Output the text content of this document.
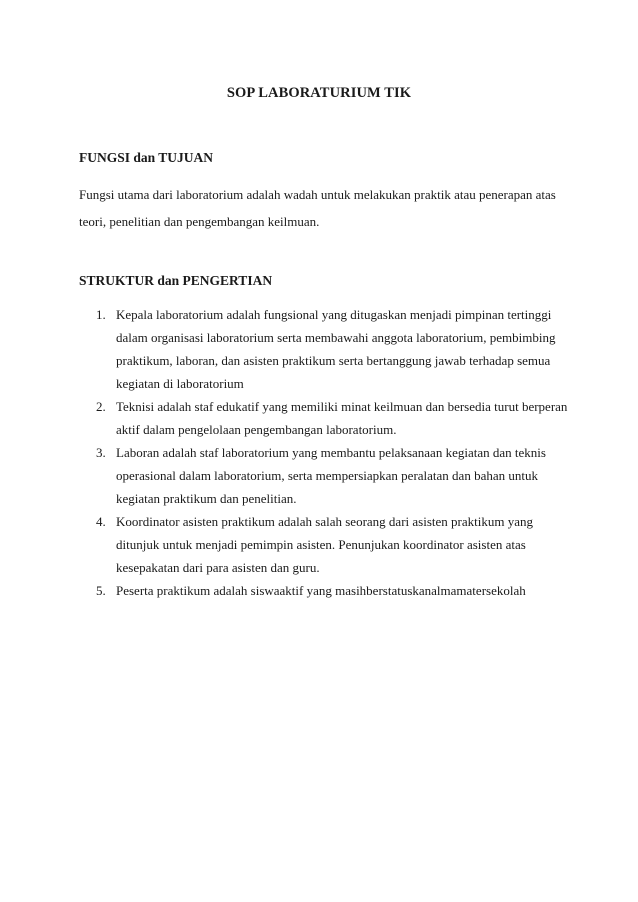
SOP LABORATURIUM TIK
FUNGSI dan TUJUAN
Fungsi utama dari laboratorium adalah wadah untuk melakukan praktik atau penerapan atas teori, penelitian dan pengembangan keilmuan.
STRUKTUR dan PENGERTIAN
1. Kepala laboratorium adalah fungsional yang ditugaskan menjadi pimpinan tertinggi dalam organisasi laboratorium serta membawahi anggota laboratorium, pembimbing praktikum, laboran, dan asisten praktikum serta bertanggung jawab terhadap semua kegiatan di laboratorium
2. Teknisi adalah staf edukatif yang memiliki minat keilmuan dan bersedia turut berperan aktif dalam pengelolaan pengembangan laboratorium.
3. Laboran adalah staf laboratorium yang membantu pelaksanaan kegiatan dan teknis operasional dalam laboratorium, serta mempersiapkan peralatan dan bahan untuk kegiatan praktikum dan penelitian.
4. Koordinator asisten praktikum adalah salah seorang dari asisten praktikum yang ditunjuk untuk menjadi pemimpin asisten. Penunjukan koordinator asisten atas kesepakatan dari para asisten dan guru.
5. Peserta praktikum adalah siswaaktif yang masihberstatuskanalmamatersekolah
